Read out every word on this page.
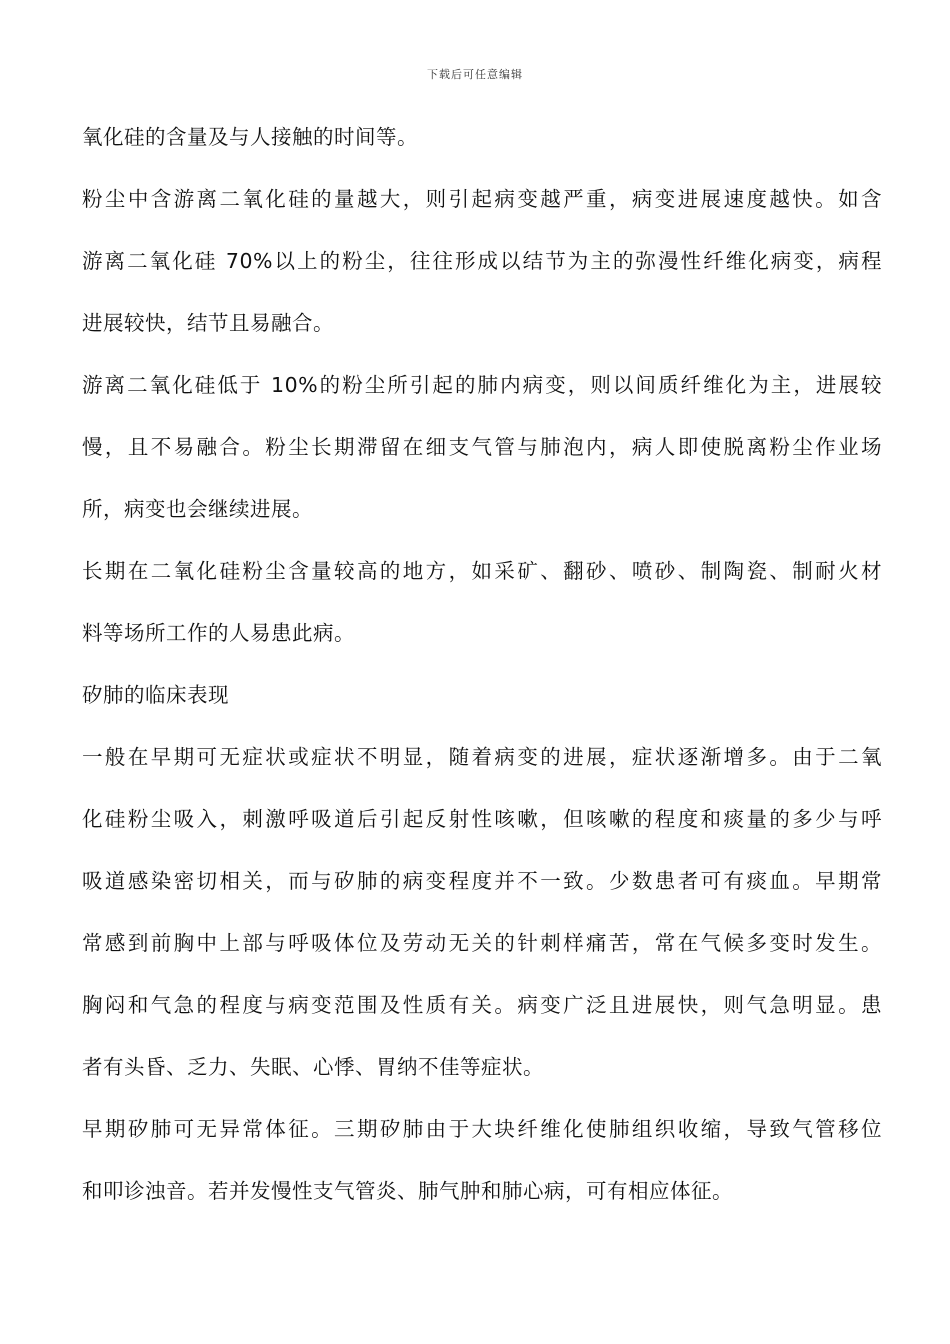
下载后可任意编辑
氧化硅的含量及与人接触的时间等。
粉尘中含游离二氧化硅的量越大，则引起病变越严重，病变进展速度越快。如含
游离二氧化硅 70%以上的粉尘，往往形成以结节为主的弥漫性纤维化病变，病程
进展较快，结节且易融合。
游离二氧化硅低于 10%的粉尘所引起的肺内病变，则以间质纤维化为主，进展较
慢，且不易融合。粉尘长期滞留在细支气管与肺泡内，病人即使脱离粉尘作业场
所，病变也会继续进展。
长期在二氧化硅粉尘含量较高的地方，如采矿、翻砂、喷砂、制陶瓷、制耐火材
料等场所工作的人易患此病。
矽肺的临床表现
一般在早期可无症状或症状不明显，随着病变的进展，症状逐渐增多。由于二氧
化硅粉尘吸入，刺激呼吸道后引起反射性咳嗽，但咳嗽的程度和痰量的多少与呼
吸道感染密切相关，而与矽肺的病变程度并不一致。少数患者可有痰血。早期常
常感到前胸中上部与呼吸体位及劳动无关的针刺样痛苦，常在气候多变时发生。
胸闷和气急的程度与病变范围及性质有关。病变广泛且进展快，则气急明显。患
者有头昏、乏力、失眠、心悸、胃纳不佳等症状。
早期矽肺可无异常体征。三期矽肺由于大块纤维化使肺组织收缩，导致气管移位
和叩诊浊音。若并发慢性支气管炎、肺气肿和肺心病，可有相应体征。
